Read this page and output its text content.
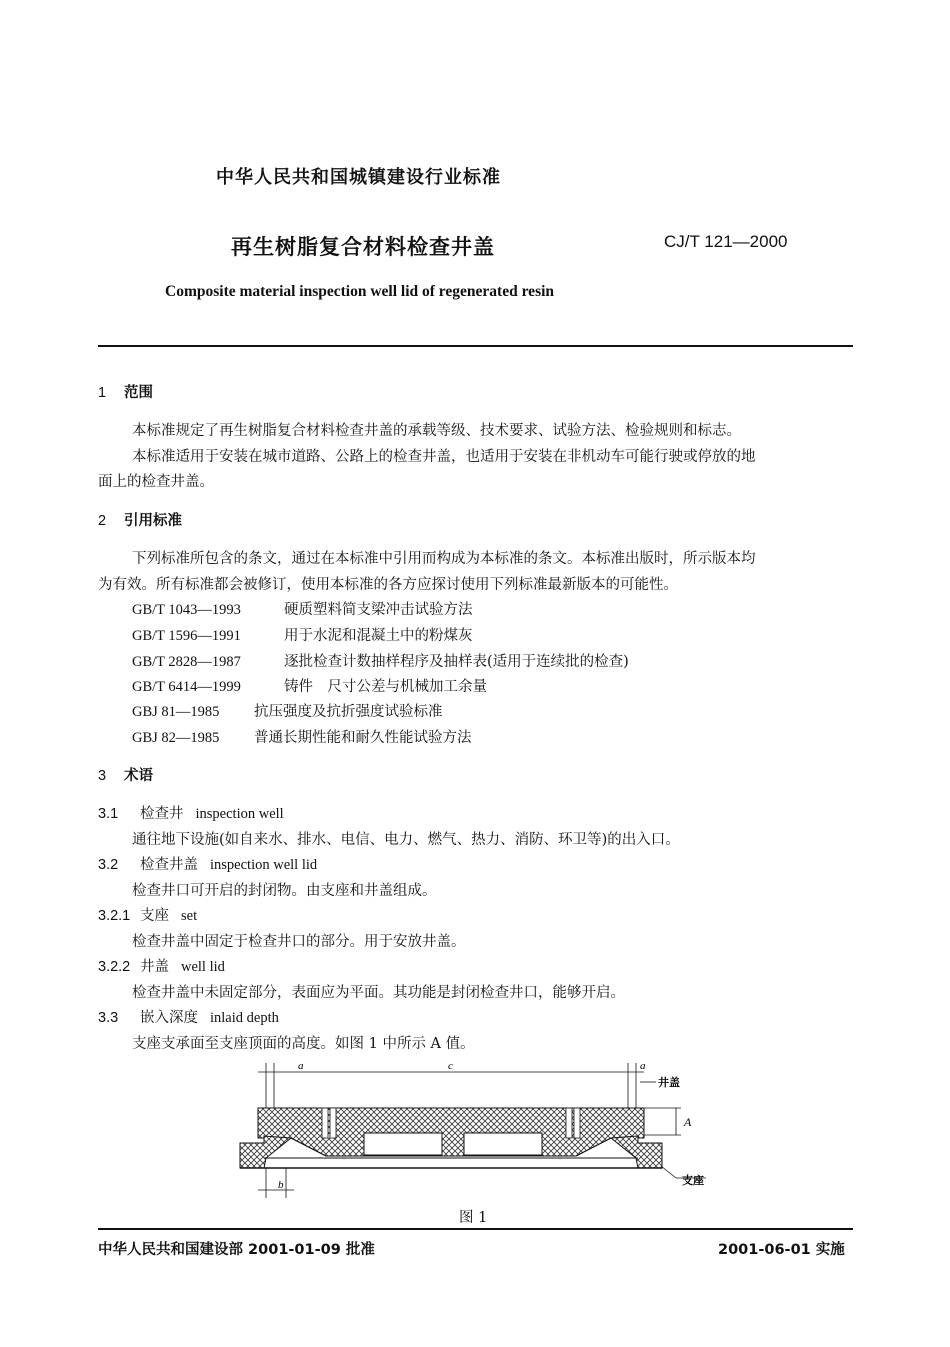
中华人民共和国城镇建设行业标准
再生树脂复合材料检查井盖	CJ/T 121—2000
Composite material inspection well lid of regenerated resin
1 范围
本标准规定了再生树脂复合材料检查井盖的承载等级、技术要求、试验方法、检验规则和标志。
本标准适用于安装在城市道路、公路上的检查井盖，也适用于安装在非机动车可能行驶或停放的地
面上的检查井盖。
2 引用标准
下列标准所包含的条文，通过在本标准中引用而构成为本标准的条文。本标准出版时，所示版本均
为有效。所有标准都会被修订，使用本标准的各方应探讨使用下列标准最新版本的可能性。
GB/T 1043—1993	硬质塑料简支梁冲击试验方法
GB/T 1596—1991	用于水泥和混凝土中的粉煤灰
GB/T 2828—1987	逐批检查计数抽样程序及抽样表(适用于连续批的检查)
GB/T 6414—1999	铸件　尺寸公差与机械加工余量
GBJ 81—1985 抗压强度及抗折强度试验标准
GBJ 82—1985 普通长期性能和耐久性能试验方法
3 术语
3.1 检查井 inspection well
通往地下设施(如自来水、排水、电信、电力、燃气、热力、消防、环卫等)的出入口。
3.2 检查井盖 inspection well lid
检查井口可开启的封闭物。由支座和井盖组成。
3.2.1 支座 set
检查井盖中固定于检查井口的部分。用于安放井盖。
3.2.2 井盖 well lid
检查井盖中未固定部分，表面应为平面。其功能是封闭检查井口，能够开启。
3.3 嵌入深度 inlaid depth
支座支承面至支座顶面的高度。如图 1 中所示 A 值。
a	c	a
A
b
井盖
支座
图 1
中华人民共和国建设部 2001-01-09 批准	2001-06-01 实施
